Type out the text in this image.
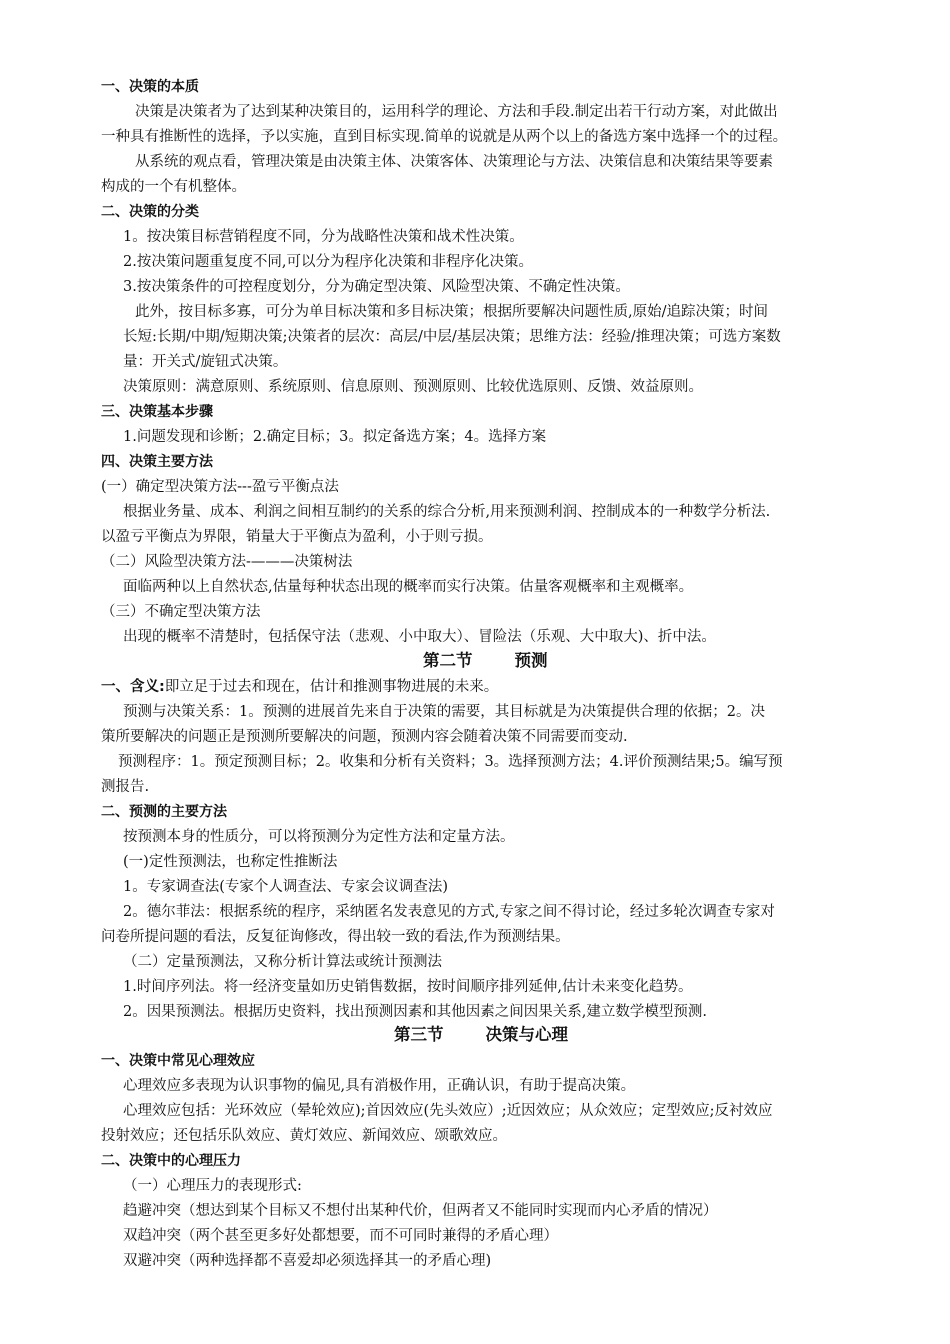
一、决策的本质
决策是决策者为了达到某种决策目的，运用科学的理论、方法和手段.制定出若干行动方案，对此做出
一种具有推断性的选择，予以实施，直到目标实现.简单的说就是从两个以上的备选方案中选择一个的过程。
从系统的观点看，管理决策是由决策主体、决策客体、决策理论与方法、决策信息和决策结果等要素
构成的一个有机整体。
二、决策的分类
1。按决策目标营销程度不同，分为战略性决策和战术性决策。
2.按决策问题重复度不同,可以分为程序化决策和非程序化决策。
3.按决策条件的可控程度划分，分为确定型决策、风险型决策、不确定性决策。
此外，按目标多寡，可分为单目标决策和多目标决策；根据所要解决问题性质,原始/追踪决策；时间
长短:长期/中期/短期决策;决策者的层次：高层/中层/基层决策；思维方法：经验/推理决策；可选方案数
量：开关式/旋钮式决策。
决策原则：满意原则、系统原则、信息原则、预测原则、比较优选原则、反馈、效益原则。
三、决策基本步骤
1.问题发现和诊断；2.确定目标；3。拟定备选方案；4。选择方案
四、决策主要方法
(一）确定型决策方法---盈亏平衡点法
根据业务量、成本、利润之间相互制约的关系的综合分析,用来预测利润、控制成本的一种数学分析法.
以盈亏平衡点为界限，销量大于平衡点为盈利，小于则亏损。
（二）风险型决策方法-———决策树法
面临两种以上自然状态,估量每种状态出现的概率而实行决策。估量客观概率和主观概率。
（三）不确定型决策方法
出现的概率不清楚时，包括保守法（悲观、小中取大）、冒险法（乐观、大中取大)、折中法。
第二节	预测
一、含义:即立足于过去和现在，估计和推测事物进展的未来。
预测与决策关系：1。预测的进展首先来自于决策的需要，其目标就是为决策提供合理的依据；2。决
策所要解决的问题正是预测所要解决的问题，预测内容会随着决策不同需要而变动.
预测程序：1。预定预测目标；2。收集和分析有关资料；3。选择预测方法；4.评价预测结果;5。编写预
测报告.
二、预测的主要方法
按预测本身的性质分，可以将预测分为定性方法和定量方法。
(一)定性预测法，也称定性推断法
1。专家调查法(专家个人调查法、专家会议调查法)
2。德尔菲法：根据系统的程序，采纳匿名发表意见的方式,专家之间不得讨论，经过多轮次调查专家对
问卷所提问题的看法，反复征询修改，得出较一致的看法,作为预测结果。
（二）定量预测法，又称分析计算法或统计预测法
1.时间序列法。将一经济变量如历史销售数据，按时间顺序排列延伸,估计未来变化趋势。
2。因果预测法。根据历史资料，找出预测因素和其他因素之间因果关系,建立数学模型预测.
第三节	决策与心理
一、决策中常见心理效应
心理效应多表现为认识事物的偏见,具有消极作用，正确认识，有助于提高决策。
心理效应包括：光环效应（晕轮效应);首因效应(先头效应）;近因效应；从众效应；定型效应;反衬效应
投射效应；还包括乐队效应、黄灯效应、新闻效应、颂歌效应。
二、决策中的心理压力
（一）心理压力的表现形式:
趋避冲突（想达到某个目标又不想付出某种代价，但两者又不能同时实现而内心矛盾的情况）
双趋冲突（两个甚至更多好处都想要，而不可同时兼得的矛盾心理）
双避冲突（两种选择都不喜爱却必须选择其一的矛盾心理)
